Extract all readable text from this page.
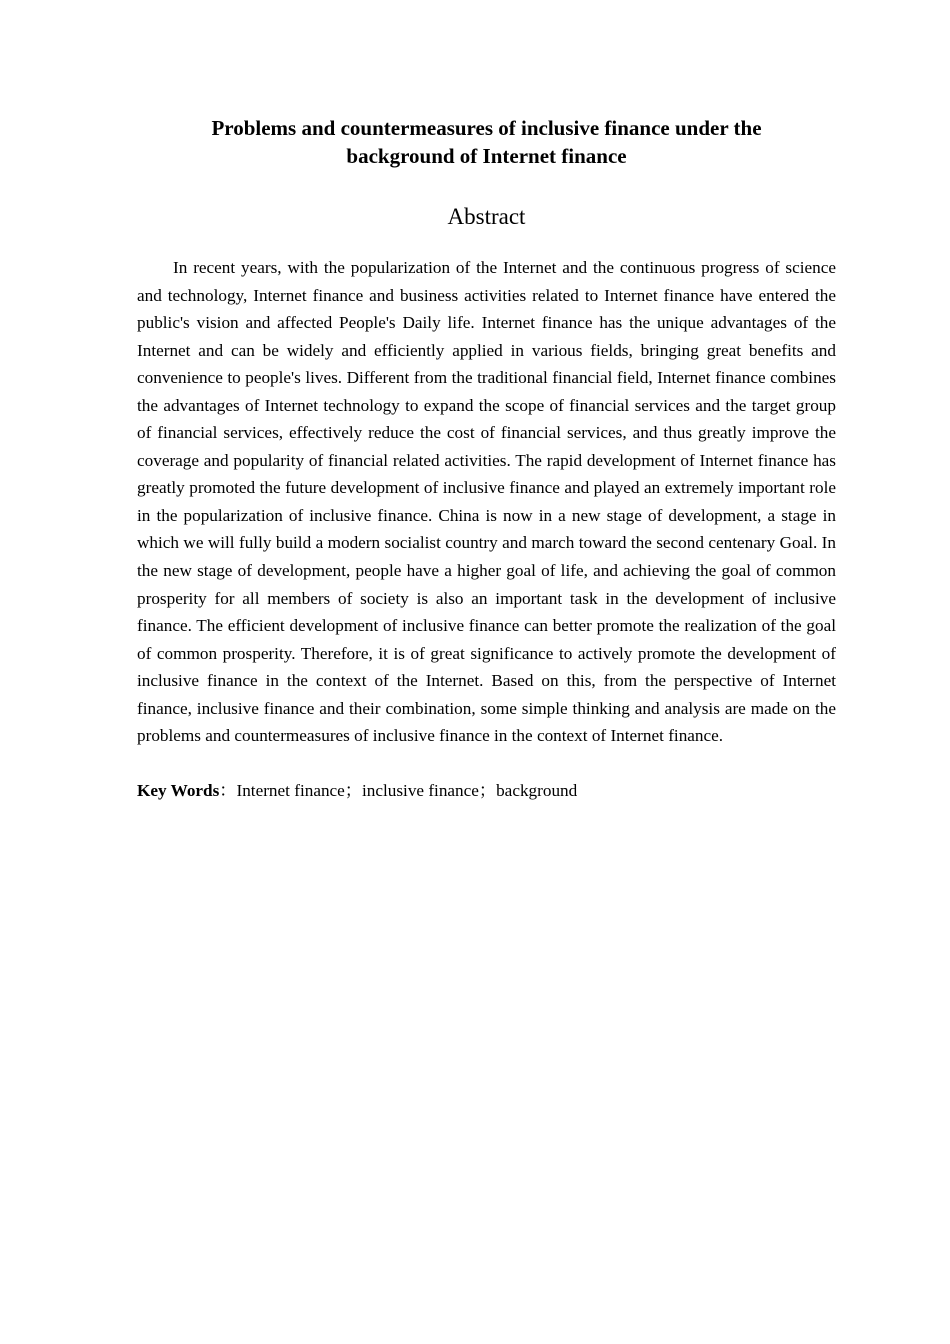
Problems and countermeasures of inclusive finance under the background of Internet finance
Abstract

In recent years, with the popularization of the Internet and the continuous progress of science and technology, Internet finance and business activities related to Internet finance have entered the public's vision and affected People's Daily life. Internet finance has the unique advantages of the Internet and can be widely and efficiently applied in various fields, bringing great benefits and convenience to people's lives. Different from the traditional financial field, Internet finance combines the advantages of Internet technology to expand the scope of financial services and the target group of financial services, effectively reduce the cost of financial services, and thus greatly improve the coverage and popularity of financial related activities. The rapid development of Internet finance has greatly promoted the future development of inclusive finance and played an extremely important role in the popularization of inclusive finance. China is now in a new stage of development, a stage in which we will fully build a modern socialist country and march toward the second centenary Goal. In the new stage of development, people have a higher goal of life, and achieving the goal of common prosperity for all members of society is also an important task in the development of inclusive finance. The efficient development of inclusive finance can better promote the realization of the goal of common prosperity. Therefore, it is of great significance to actively promote the development of inclusive finance in the context of the Internet. Based on this, from the perspective of Internet finance, inclusive finance and their combination, some simple thinking and analysis are made on the problems and countermeasures of inclusive finance in the context of Internet finance.

Key Words：Internet finance；inclusive finance；background
